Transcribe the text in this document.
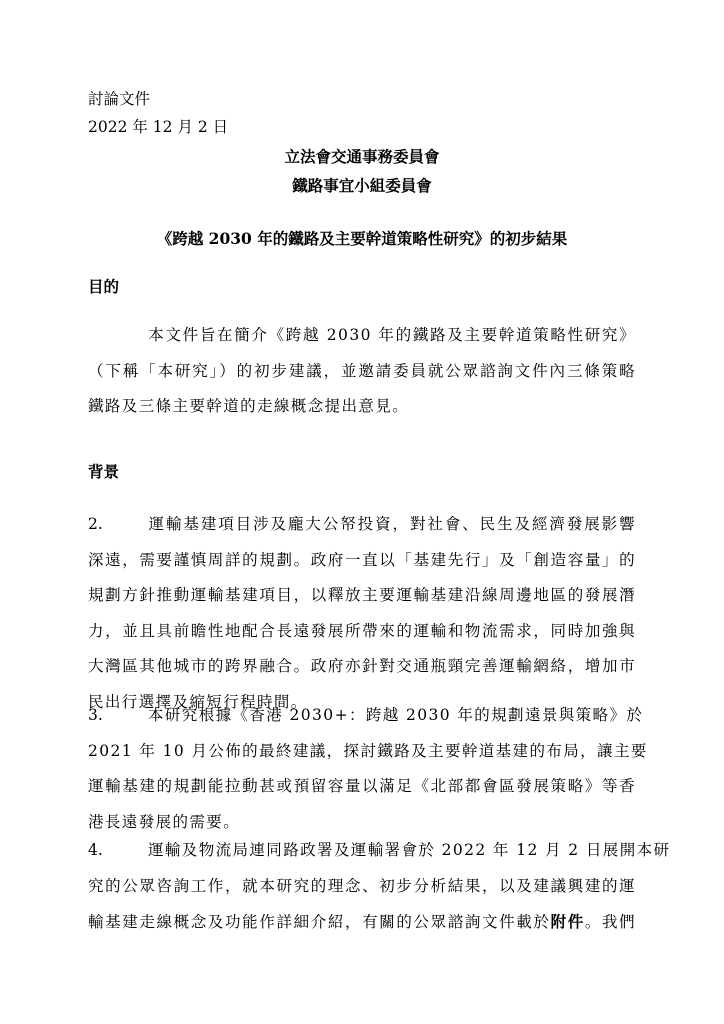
討論文件
2022 年 12 月 2 日
立法會交通事務委員會
鐵路事宜小組委員會
《跨越 2030 年的鐵路及主要幹道策略性研究》的初步結果
目的
本文件旨在簡介《跨越 2030 年的鐵路及主要幹道策略性研究》
（下稱「本研究」）的初步建議，並邀請委員就公眾諮詢文件內三條策略
鐵路及三條主要幹道的走線概念提出意見。
背景
2.	運輸基建項目涉及龐大公帑投資，對社會、民生及經濟發展影響
深遠，需要謹慎周詳的規劃。政府一直以「基建先行」及「創造容量」的
規劃方針推動運輸基建項目，以釋放主要運輸基建沿線周邊地區的發展潛
力，並且具前瞻性地配合長遠發展所帶來的運輸和物流需求，同時加強與
大灣區其他城市的跨界融合。政府亦針對交通瓶頸完善運輸網絡，增加市
民出行選擇及縮短行程時間。
3.	本研究根據《香港 2030+：跨越 2030 年的規劃遠景與策略》於
2021 年 10 月公佈的最終建議，探討鐵路及主要幹道基建的布局，讓主要
運輸基建的規劃能拉動甚或預留容量以滿足《北部都會區發展策略》等香
港長遠發展的需要。
4.	運輸及物流局連同路政署及運輸署會於 2022 年 12 月 2 日展開本研
究的公眾咨詢工作，就本研究的理念、初步分析結果，以及建議興建的運
輸基建走線概念及功能作詳細介紹，有關的公眾諮詢文件載於附件。我們
